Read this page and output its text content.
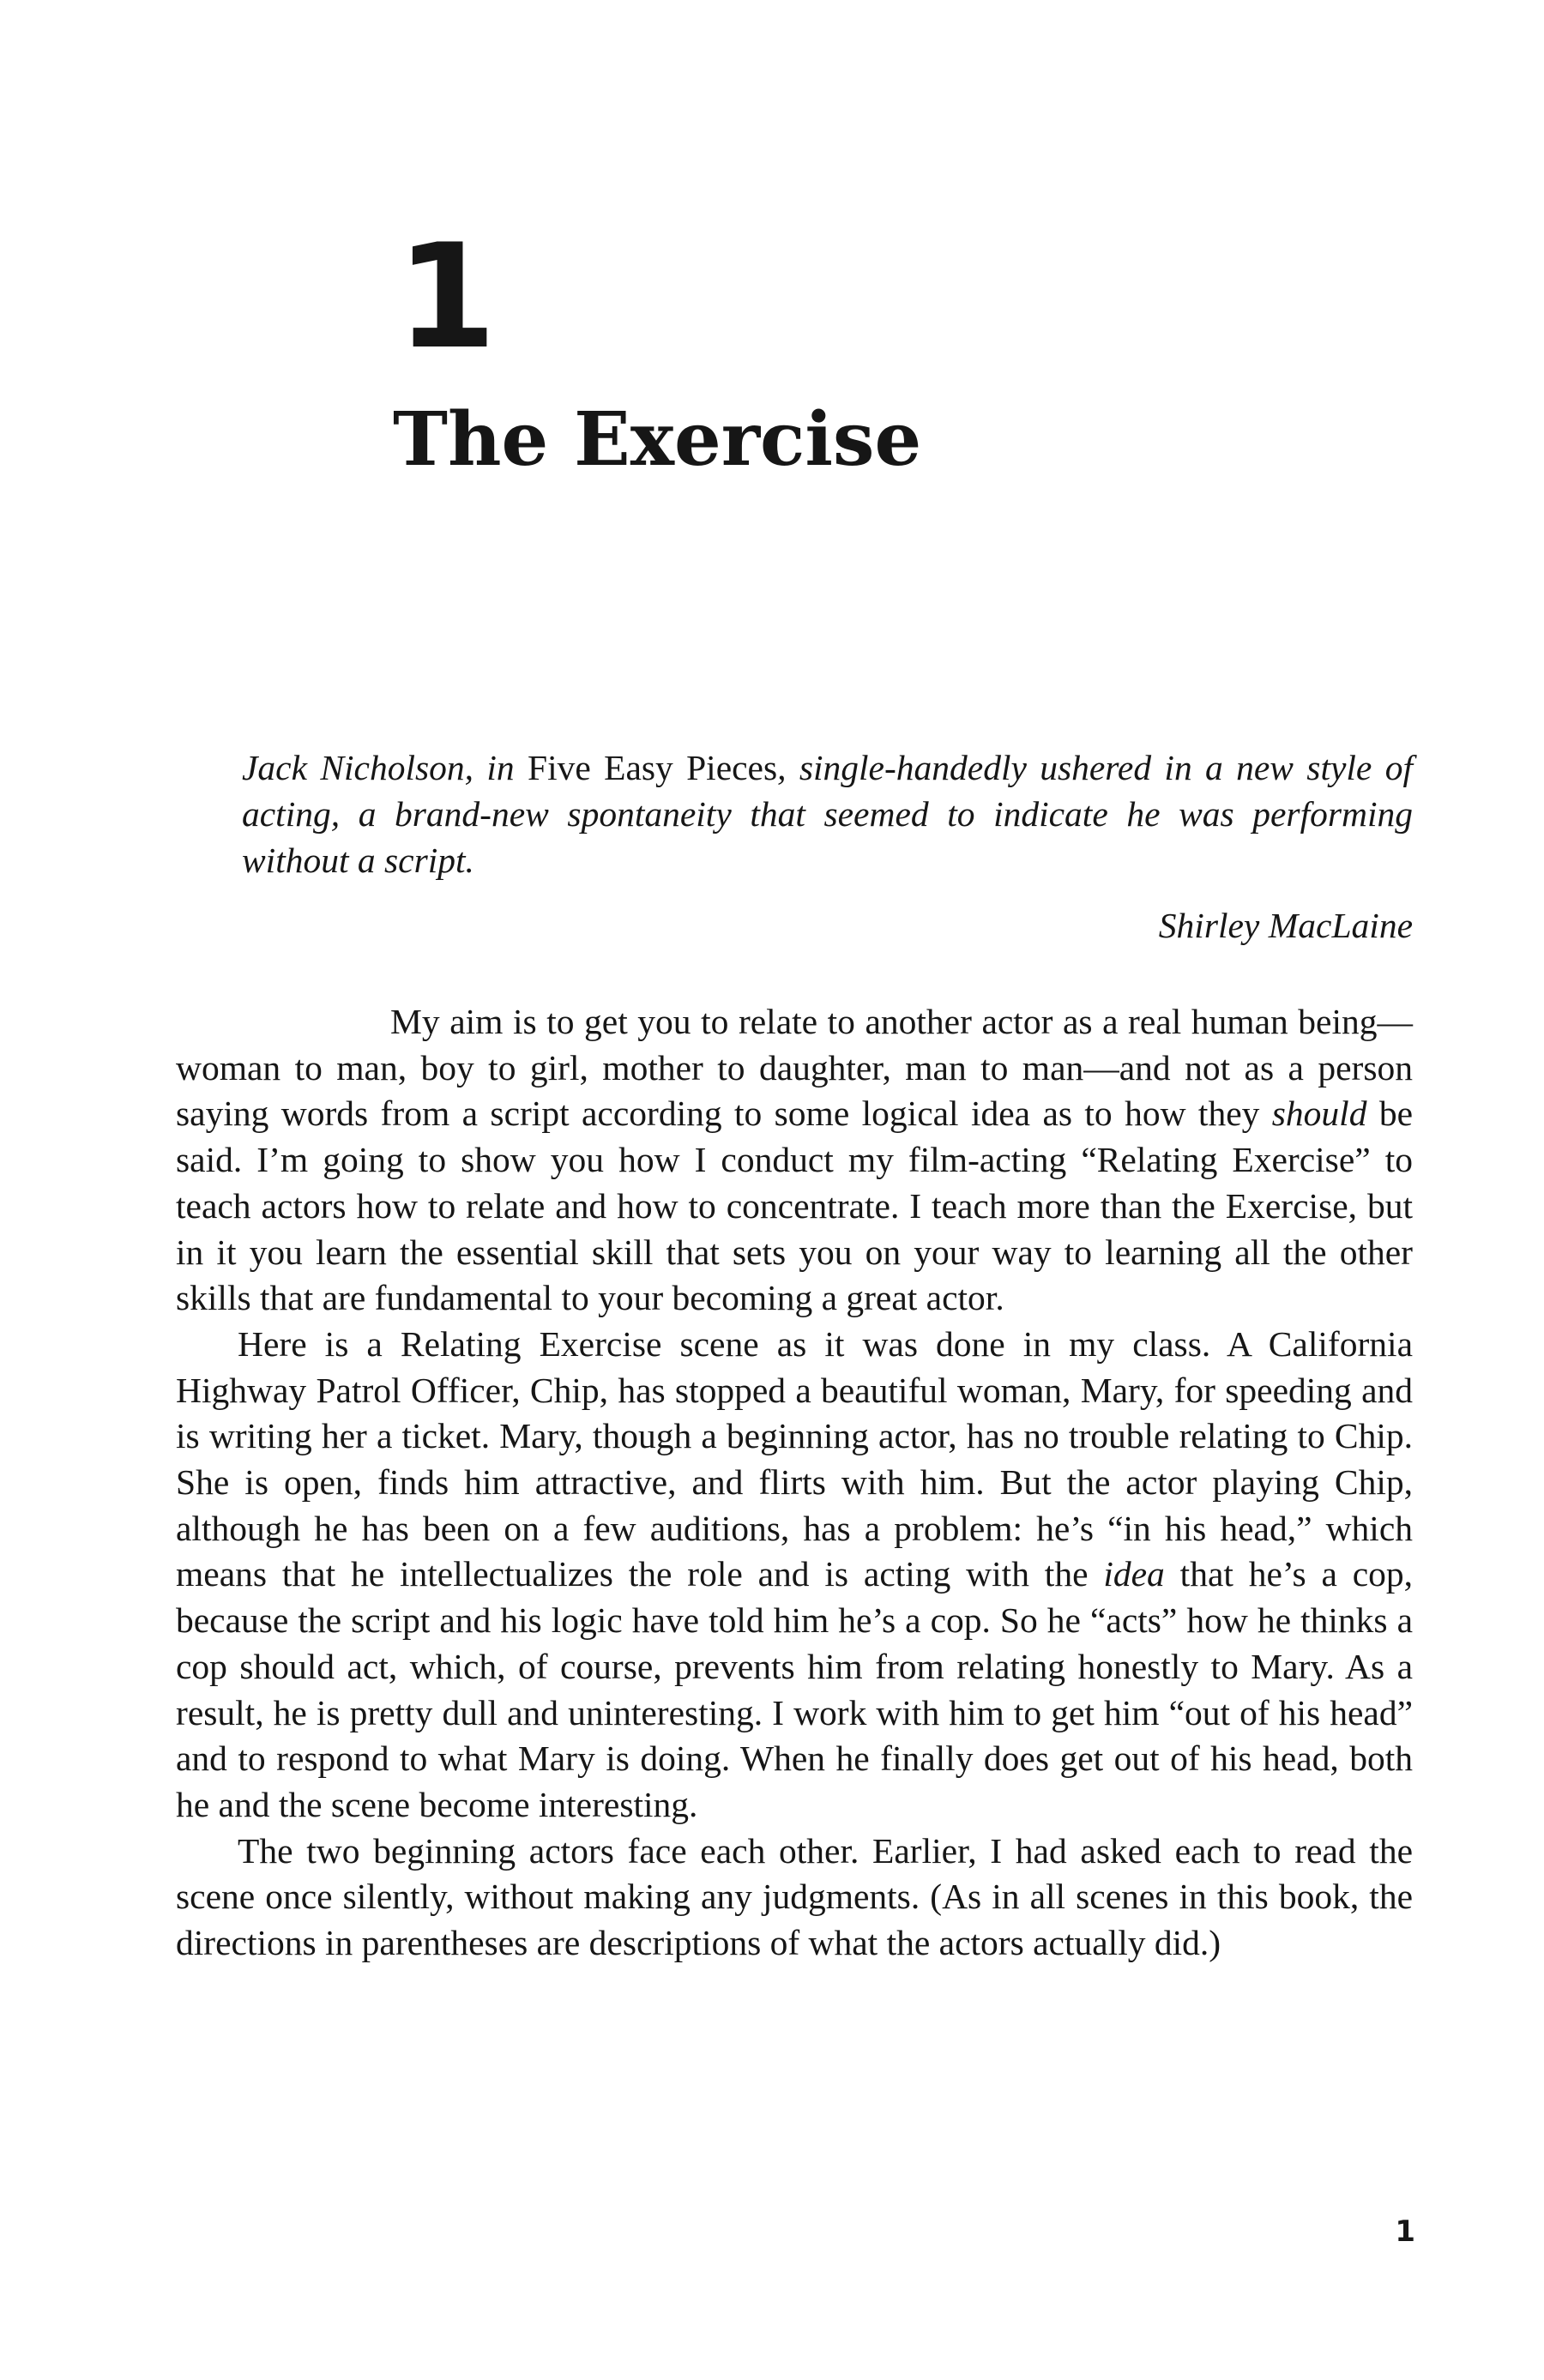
1
The Exercise

Jack Nicholson, in Five Easy Pieces, single-handedly ushered in a new style of acting, a brand-new spontaneity that seemed to indicate he was performing without a script.

Shirley MacLaine

My aim is to get you to relate to another actor as a real human being—woman to man, boy to girl, mother to daughter, man to man—and not as a person saying words from a script according to some logical idea as to how they should be said. I’m going to show you how I conduct my film-acting “Relating Exercise” to teach actors how to relate and how to concentrate. I teach more than the Exercise, but in it you learn the essential skill that sets you on your way to learning all the other skills that are fundamental to your becoming a great actor.

Here is a Relating Exercise scene as it was done in my class. A California Highway Patrol Officer, Chip, has stopped a beautiful woman, Mary, for speeding and is writing her a ticket. Mary, though a beginning actor, has no trouble relating to Chip. She is open, finds him attractive, and flirts with him. But the actor playing Chip, although he has been on a few auditions, has a problem: he’s “in his head,” which means that he intellectualizes the role and is acting with the idea that he’s a cop, because the script and his logic have told him he’s a cop. So he “acts” how he thinks a cop should act, which, of course, prevents him from relating honestly to Mary. As a result, he is pretty dull and uninteresting. I work with him to get him “out of his head” and to respond to what Mary is doing. When he finally does get out of his head, both he and the scene become interesting.

The two beginning actors face each other. Earlier, I had asked each to read the scene once silently, without making any judgments. (As in all scenes in this book, the directions in parentheses are descriptions of what the actors actually did.)

1
